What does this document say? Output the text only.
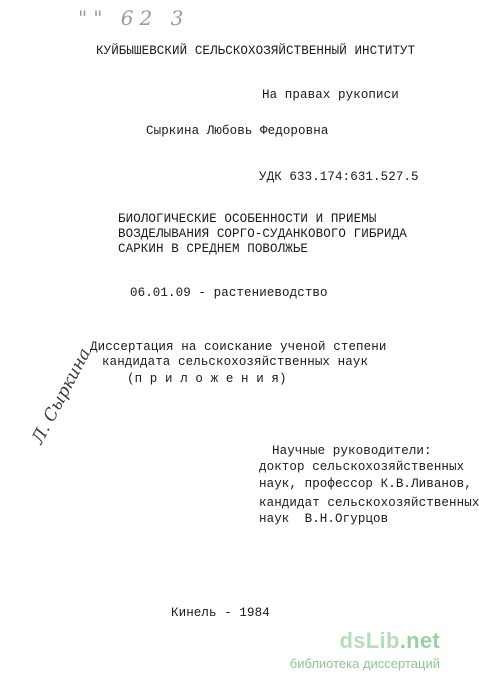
"" 62 3
КУЙБЫШЕВСКИЙ СЕЛЬСКОХОЗЯЙСТВЕННЫЙ ИНСТИТУТ
На правах рукописи
Сыркина Любовь Федоровна
УДК 633.174:631.527.5
БИОЛОГИЧЕСКИЕ ОСОБЕННОСТИ И ПРИЕМЫ
ВОЗДЕЛЫВАНИЯ СОРГО-СУДАНКОВОГО ГИБРИДА
САРКИН В СРЕДНЕМ ПОВОЛЖЬЕ
06.01.09 - растениеводство
Диссертация на соискание ученой степени
кандидата сельскохозяйственных наук
(п р и л о ж е н и я)
Л. Сыркина
Научные руководители:
доктор сельскохозяйственных
наук, профессор К.В.Ливанов,
кандидат сельскохозяйственных
наук  В.Н.Огурцов
Кинель - 1984
dsLib.net
библиотека диссертаций
